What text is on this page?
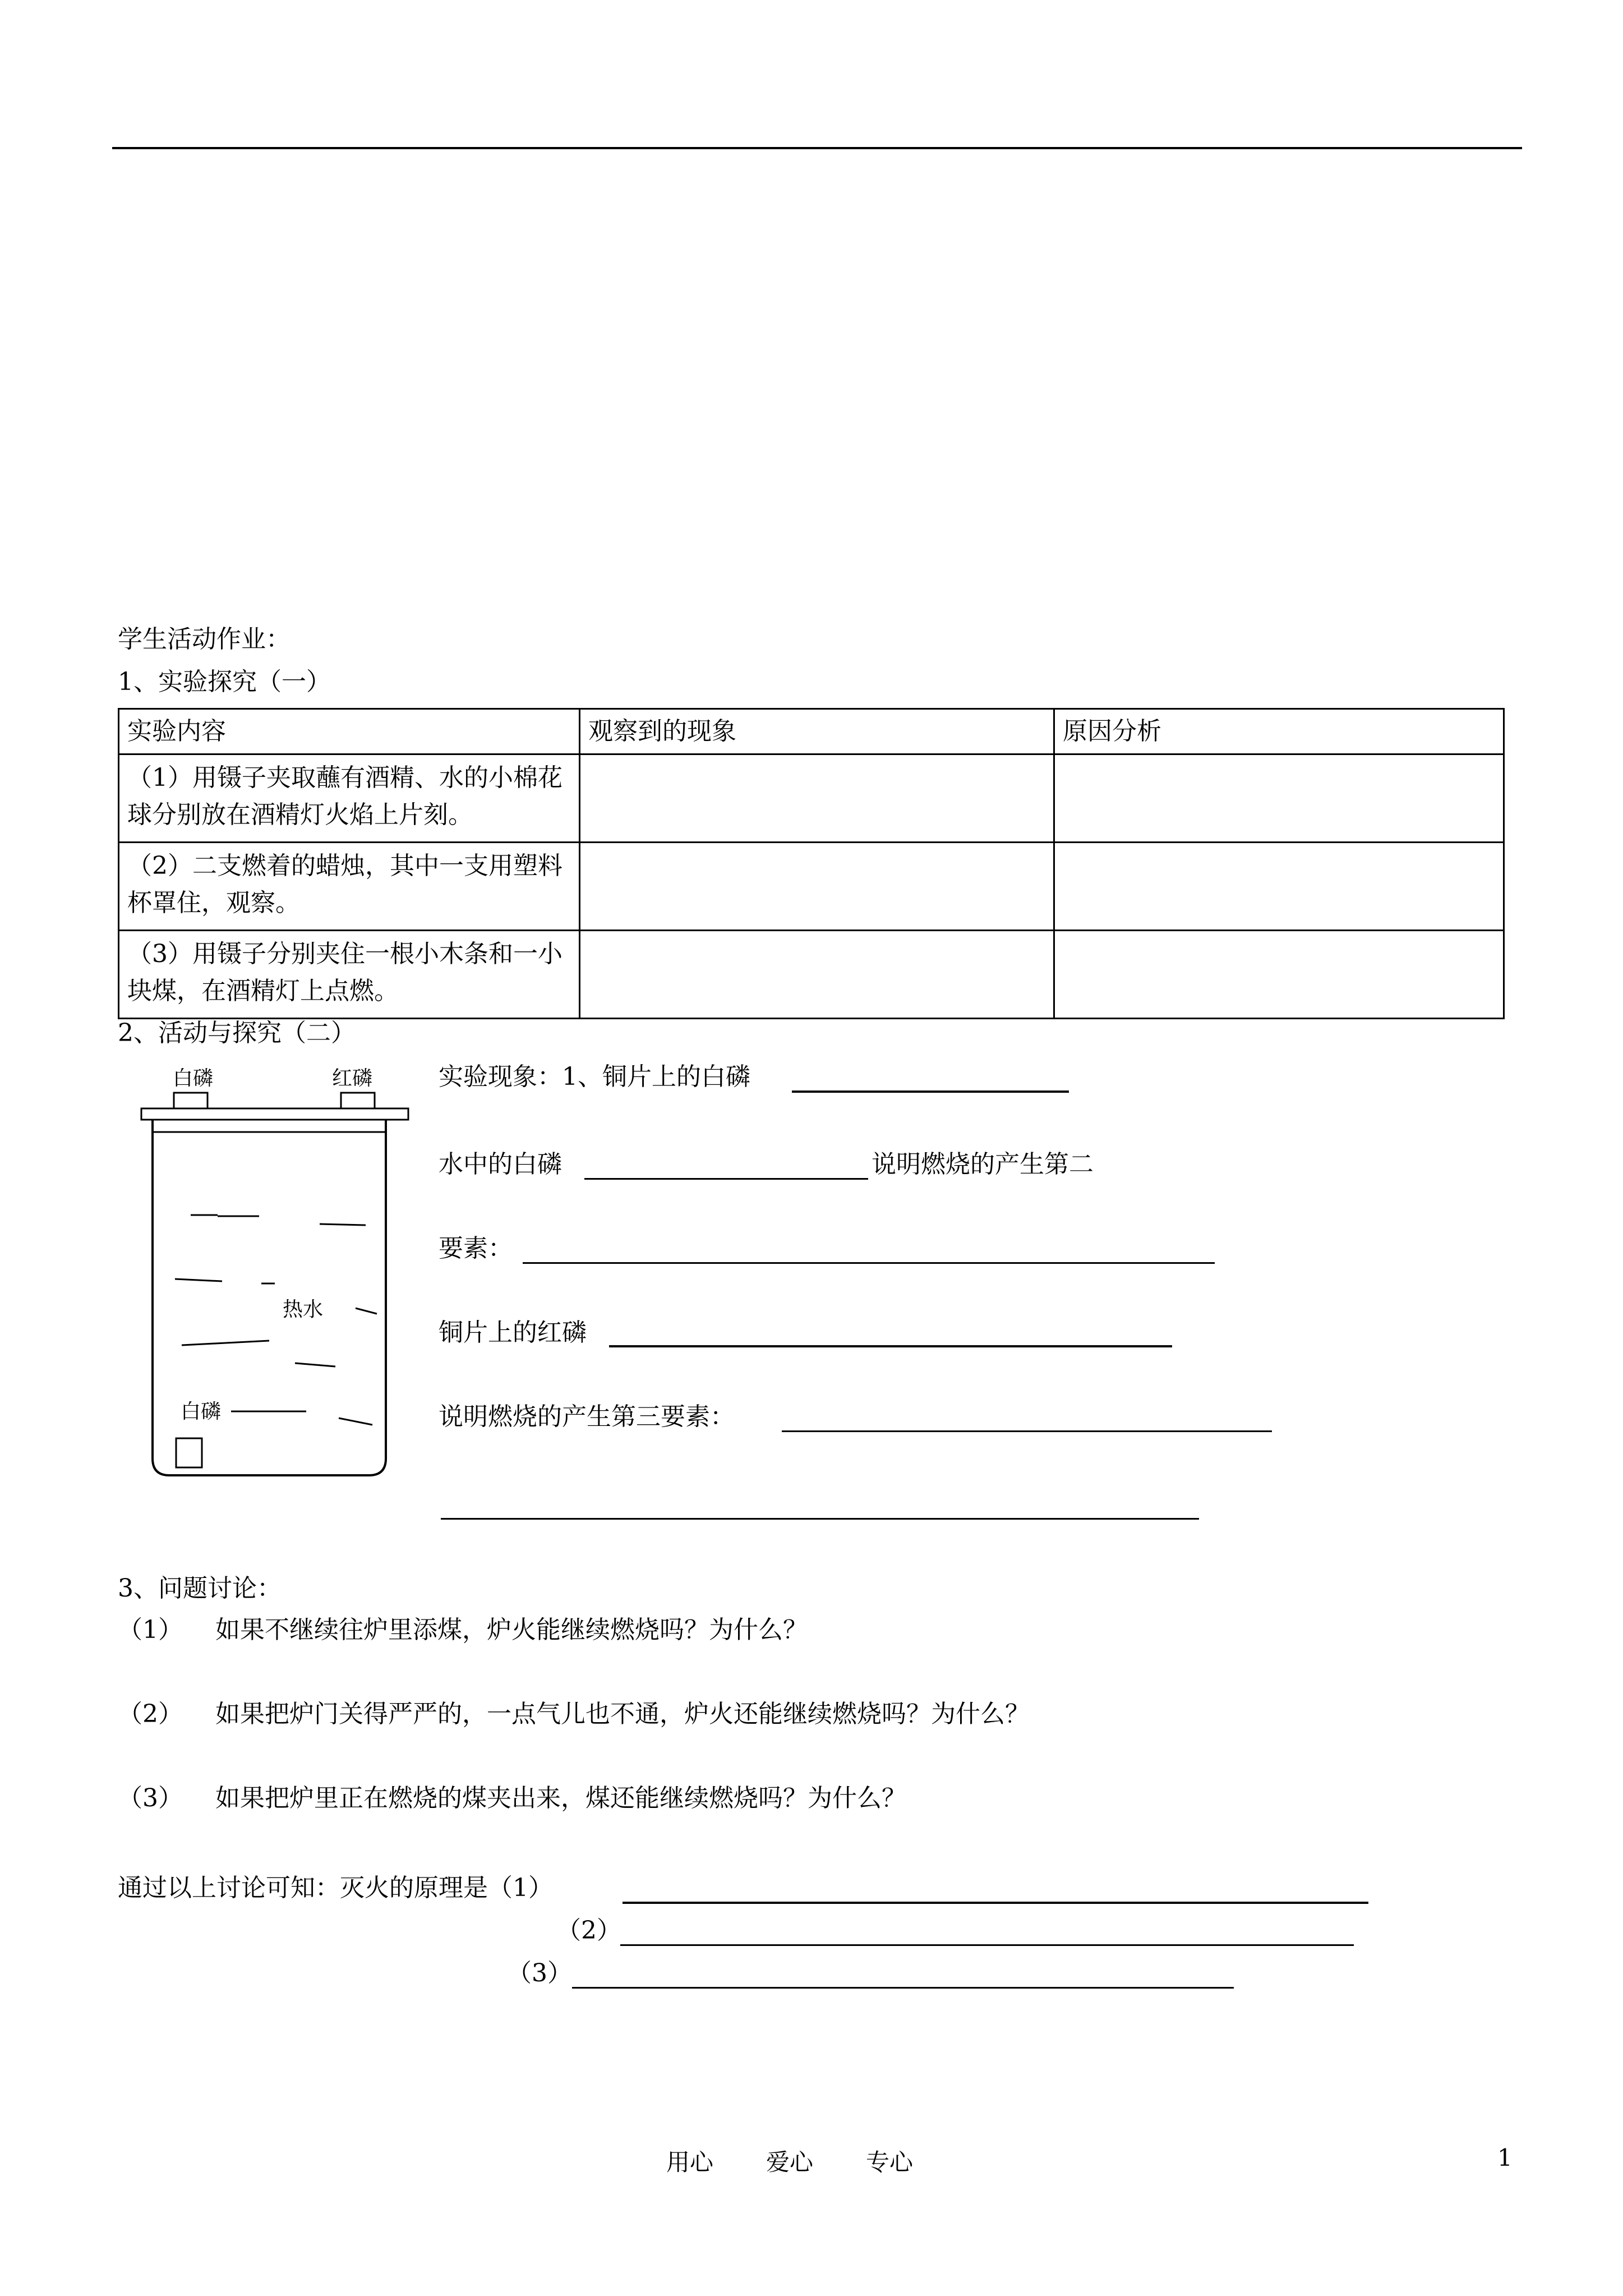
学生活动作业：
1、实验探究（一）
实验内容	观察到的现象	原因分析
（1）用镊子夹取蘸有酒精、水的小棉花球分别放在酒精灯火焰上片刻。		
（2）二支燃着的蜡烛，其中一支用塑料杯罩住，观察。		
（3）用镊子分别夹住一根小木条和一小块煤，在酒精灯上点燃。		
2、活动与探究（二）
白磷	红磷
热水
白磷
实验现象：1、铜片上的白磷
水中的白磷	说明燃烧的产生第二
要素：
铜片上的红磷
说明燃烧的产生第三要素：
3、问题讨论：
（1） 如果不继续往炉里添煤，炉火能继续燃烧吗？为什么？
（2） 如果把炉门关得严严的，一点气儿也不通，炉火还能继续燃烧吗？为什么？
（3） 如果把炉里正在燃烧的煤夹出来，煤还能继续燃烧吗？为什么？
通过以上讨论可知：灭火的原理是（1）
（2）
（3）
用心 爱心 专心	1
